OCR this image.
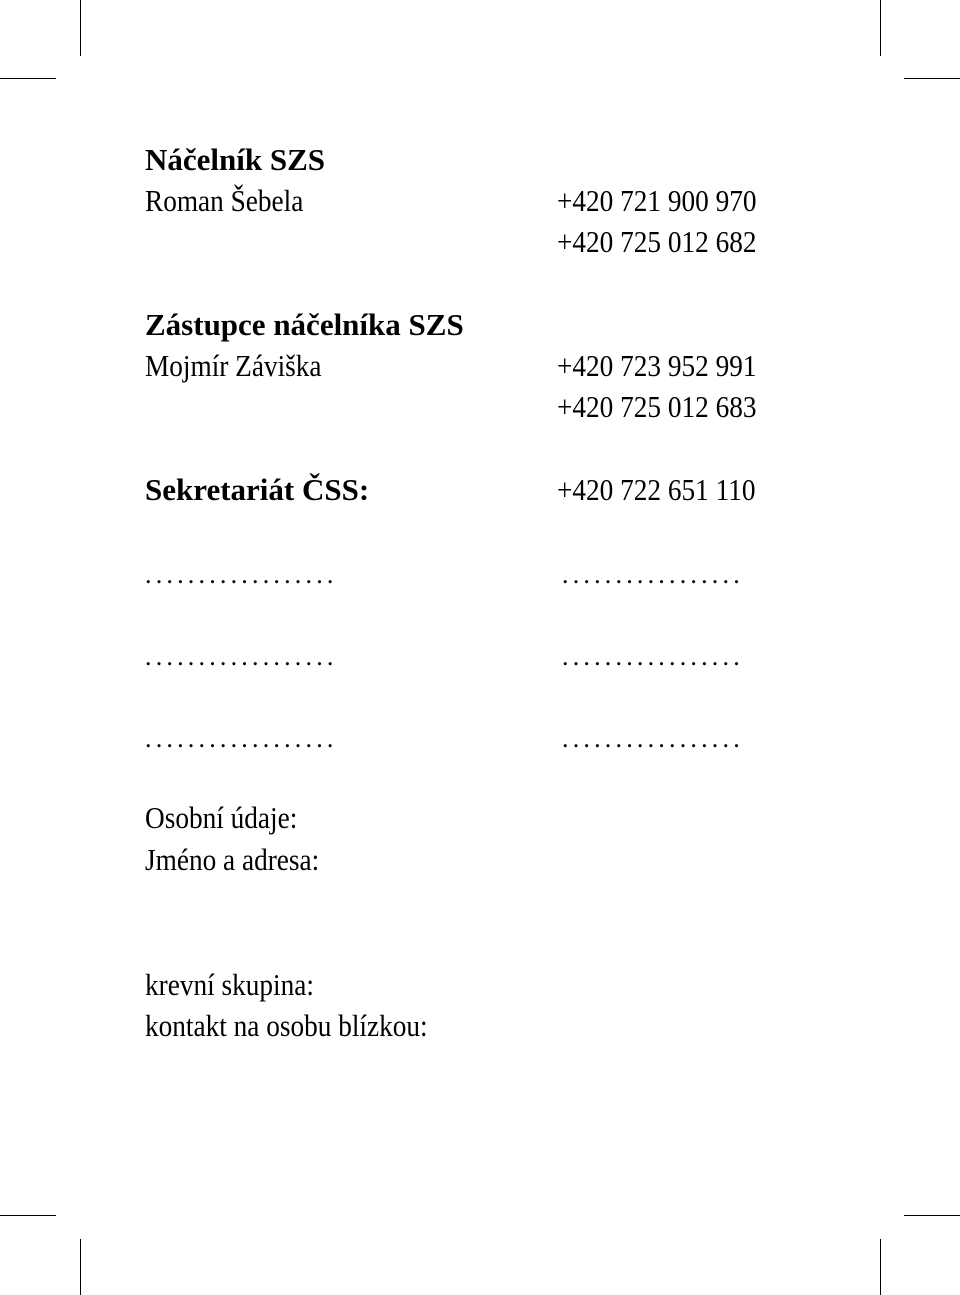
Náčelník SZS
Roman Šebela	+420 721 900 970
+420 725 012 682
Zástupce náčelníka SZS
Mojmír Záviška	+420 723 952 991
+420 725 012 683
Sekretariát ČSS:	+420 722 651 110
..................	.................
..................	.................
..................	.................
Osobní údaje:
Jméno a adresa:
krevní skupina:
kontakt na osobu blízkou:
